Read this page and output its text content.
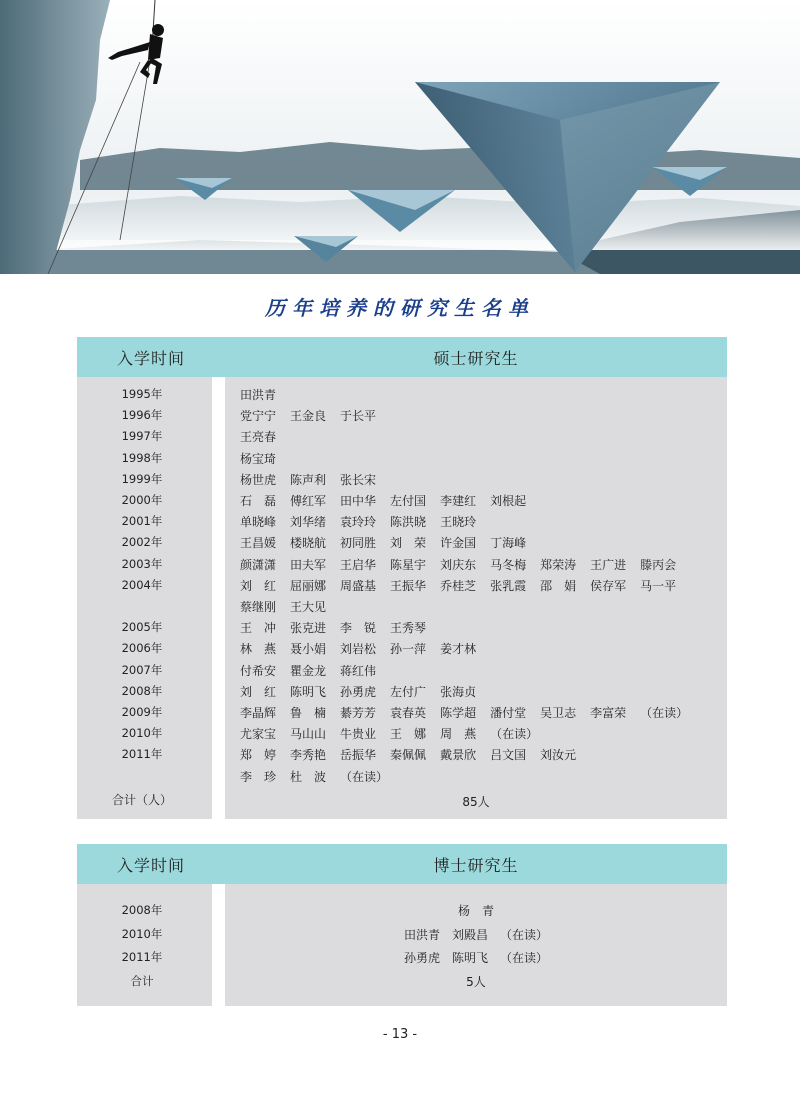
历年培养的研究生名单
入学时间	硕士研究生
1995年	田洪青
1996年	党宁宁 王金良 于长平
1997年	王亮春
1998年	杨宝琦
1999年	杨世虎 陈声利 张长宋
2000年	石　磊 傅红军 田中华 左付国 李建红 刘根起
2001年	单晓峰 刘华绪 袁玲玲 陈洪晓 王晓玲
2002年	王昌媛 楼晓航 初同胜 刘　荣 许金国 丁海峰
2003年	颜潇潇 田夫军 王启华 陈星宇 刘庆东 马冬梅 郑荣涛 王广进 滕丙会
2004年	刘　红 屈丽娜 周盛基 王振华 乔桂芝 张乳霞 邵　娟 侯存军 马一平
蔡继刚 王大见
2005年	王　冲 张克进 李　锐 王秀琴
2006年	林　燕 聂小娟 刘岩松 孙一萍 姜才林
2007年	付希安 瞿金龙 蒋红伟
2008年	刘　红 陈明飞 孙勇虎 左付广 张海贞
2009年	李晶辉 鲁　楠 綦芳芳 袁春英 陈学超 潘付堂 吴卫志 李富荣 （在读）
2010年	尤家宝 马山山 牛贵业 王　娜 周　燕 （在读）
2011年	郑　婷 李秀艳 岳振华 秦佩佩 戴景欣 吕文国 刘汝元
李　珍 杜　波 （在读）
合计（人）	85人
入学时间	博士研究生
2008年	杨　青
2010年	田洪青 刘殿昌 （在读）
2011年	孙勇虎 陈明飞 （在读）
合计	5人
- 13 -
